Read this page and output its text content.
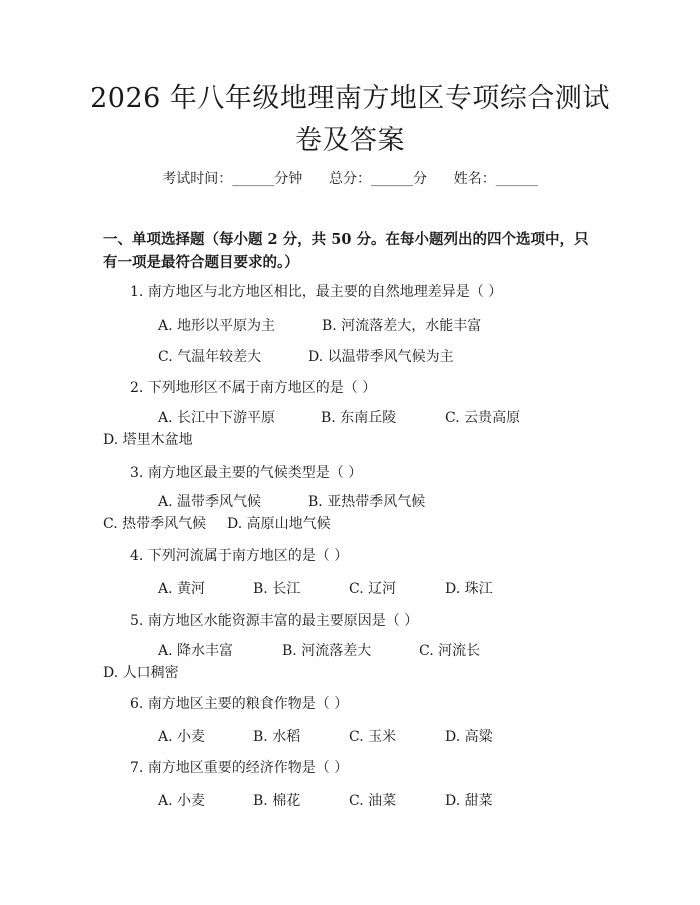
2026 年八年级地理南方地区专项综合测试卷及答案
考试时间：______分钟 总分：______分 姓名：______
一、单项选择题（每小题 2 分，共 50 分。在每小题列出的四个选项中，只有一项是最符合题目要求的。）
1. 南方地区与北方地区相比，最主要的自然地理差异是（ ）
A. 地形以平原为主	B. 河流落差大，水能丰富
C. 气温年较差大	D. 以温带季风气候为主
2. 下列地形区不属于南方地区的是（ ）
A. 长江中下游平原	B. 东南丘陵	C. 云贵高原D. 塔里木盆地
3. 南方地区最主要的气候类型是（ ）
A. 温带季风气候	B. 亚热带季风气候C. 热带季风气候 D. 高原山地气候
4. 下列河流属于南方地区的是（ ）
A. 黄河	B. 长江	C. 辽河	D. 珠江
5. 南方地区水能资源丰富的最主要原因是（ ）
A. 降水丰富	B. 河流落差大	C. 河流长D. 人口稠密
6. 南方地区主要的粮食作物是（ ）
A. 小麦	B. 水稻	C. 玉米	D. 高粱
7. 南方地区重要的经济作物是（ ）
A. 小麦	B. 棉花	C. 油菜	D. 甜菜
